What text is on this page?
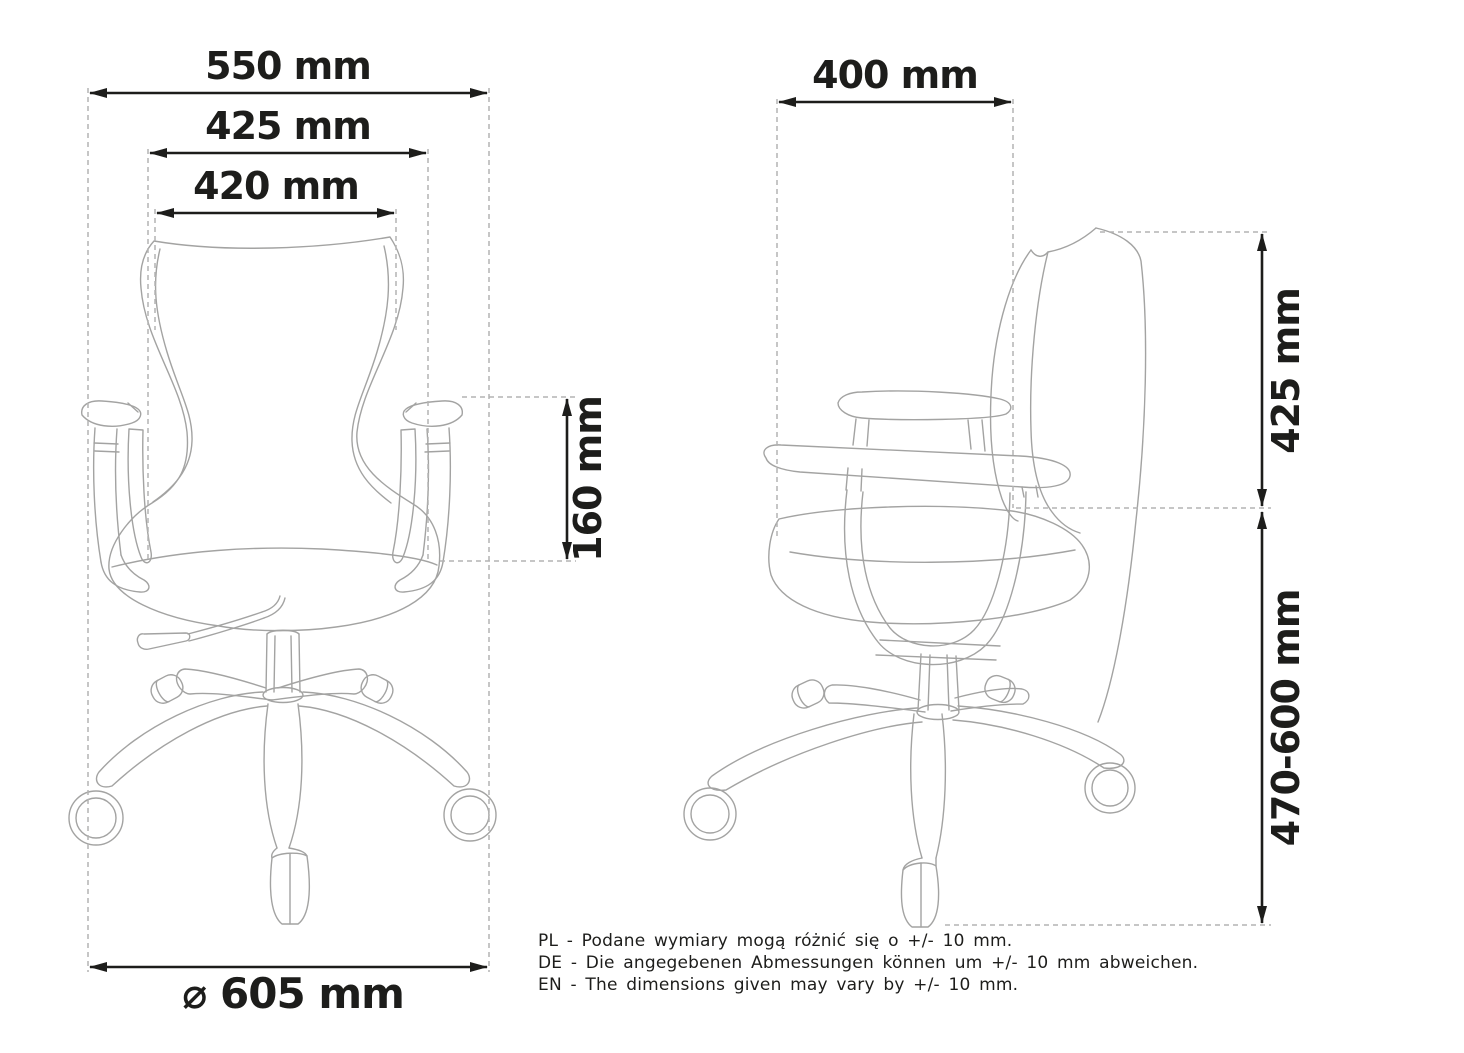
550 mm
425 mm
420 mm
160 mm
⌀ 605 mm
400 mm
425 mm
470-600 mm
PL - Podane wymiary mogą różnić się o +/- 10 mm.
DE - Die angegebenen Abmessungen können um +/- 10 mm abweichen.
EN - The dimensions given may vary by +/- 10 mm.
